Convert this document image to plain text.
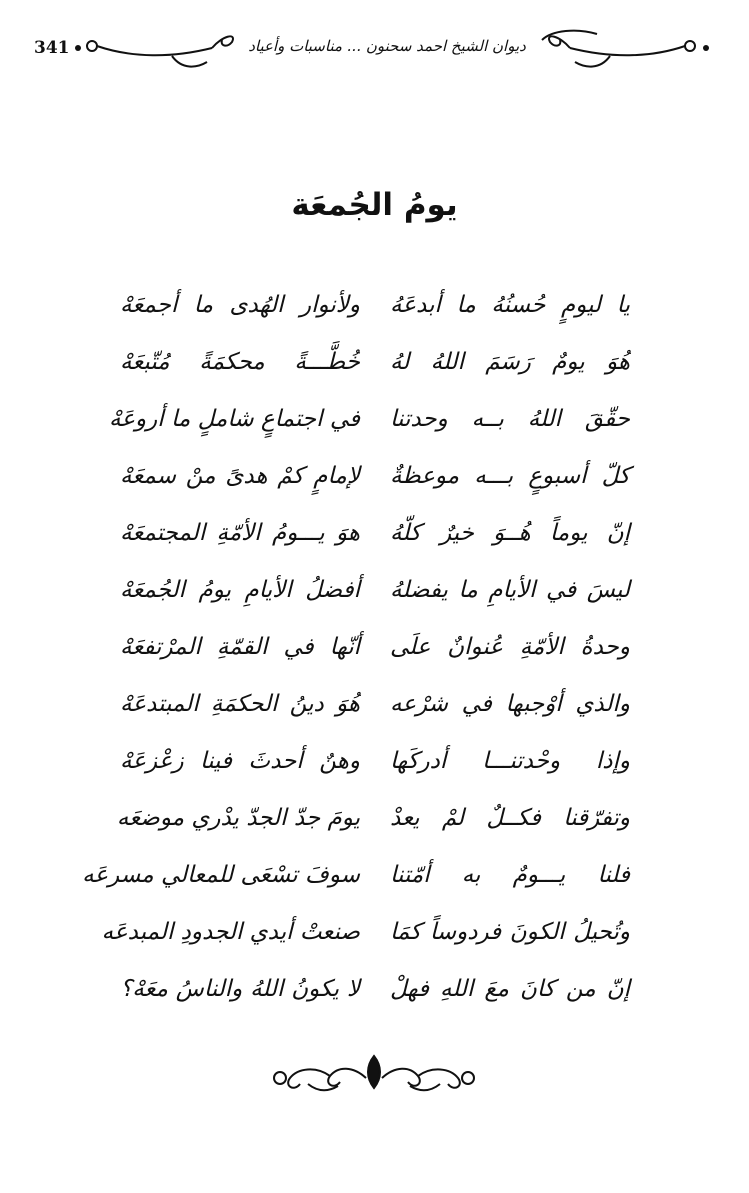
341	ديوان الشيخ احمد سحنون ... مناسبات وأعياد
يومُ الجُمعَة
يا ليومٍ حُسنُهُ ما أبدعَهُ
ولأنوار الهُدى ما أجمعَهْ
هُوَ يومٌ رَسَمَ اللهُ لهُ
خُطَّـــةً محكمَةً مُتّبعَهْ
حقّقَ اللهُ بــه وحدتنا
في اجتماعٍ شاملٍ ما أروعَهْ
كلّ أسبوعٍ بـــه موعظةٌ
لإمامٍ كمْ هدىً منْ سمعَهْ
إنّ يوماً هُــوَ خيرٌ كلّهُ
هوَ يـــومُ الأمّةِ المجتمعَهْ
ليسَ في الأيامِ ما يفضلهُ
أفضلُ الأيامِ يومُ الجُمعَهْ
وحدةُ الأمّةِ عُنوانٌ علَى
أنّها في القمّةِ المرْتفعَهْ
والذي أوْجبها في شرْعه
هُوَ دينُ الحكمَةِ المبتدعَهْ
وإذا وحْدتنـــا أدركَها
وهنٌ أحدثَ فينا زعْزعَهْ
وتفرّقنا فكــلٌ لمْ يعدْ
يومَ جدّ الجدّ يدْري موضعَه
فلنا يـــومٌ به أمّتنا
سوفَ تسْعَى للمعالي مسرعَه
وتُحيلُ الكونَ فردوساً كمَا
صنعتْ أيدي الجدودِ المبدعَه
إنّ من كانَ معَ اللهِ فهلْ
لا يكونُ اللهُ والناسُ معَهْ؟
